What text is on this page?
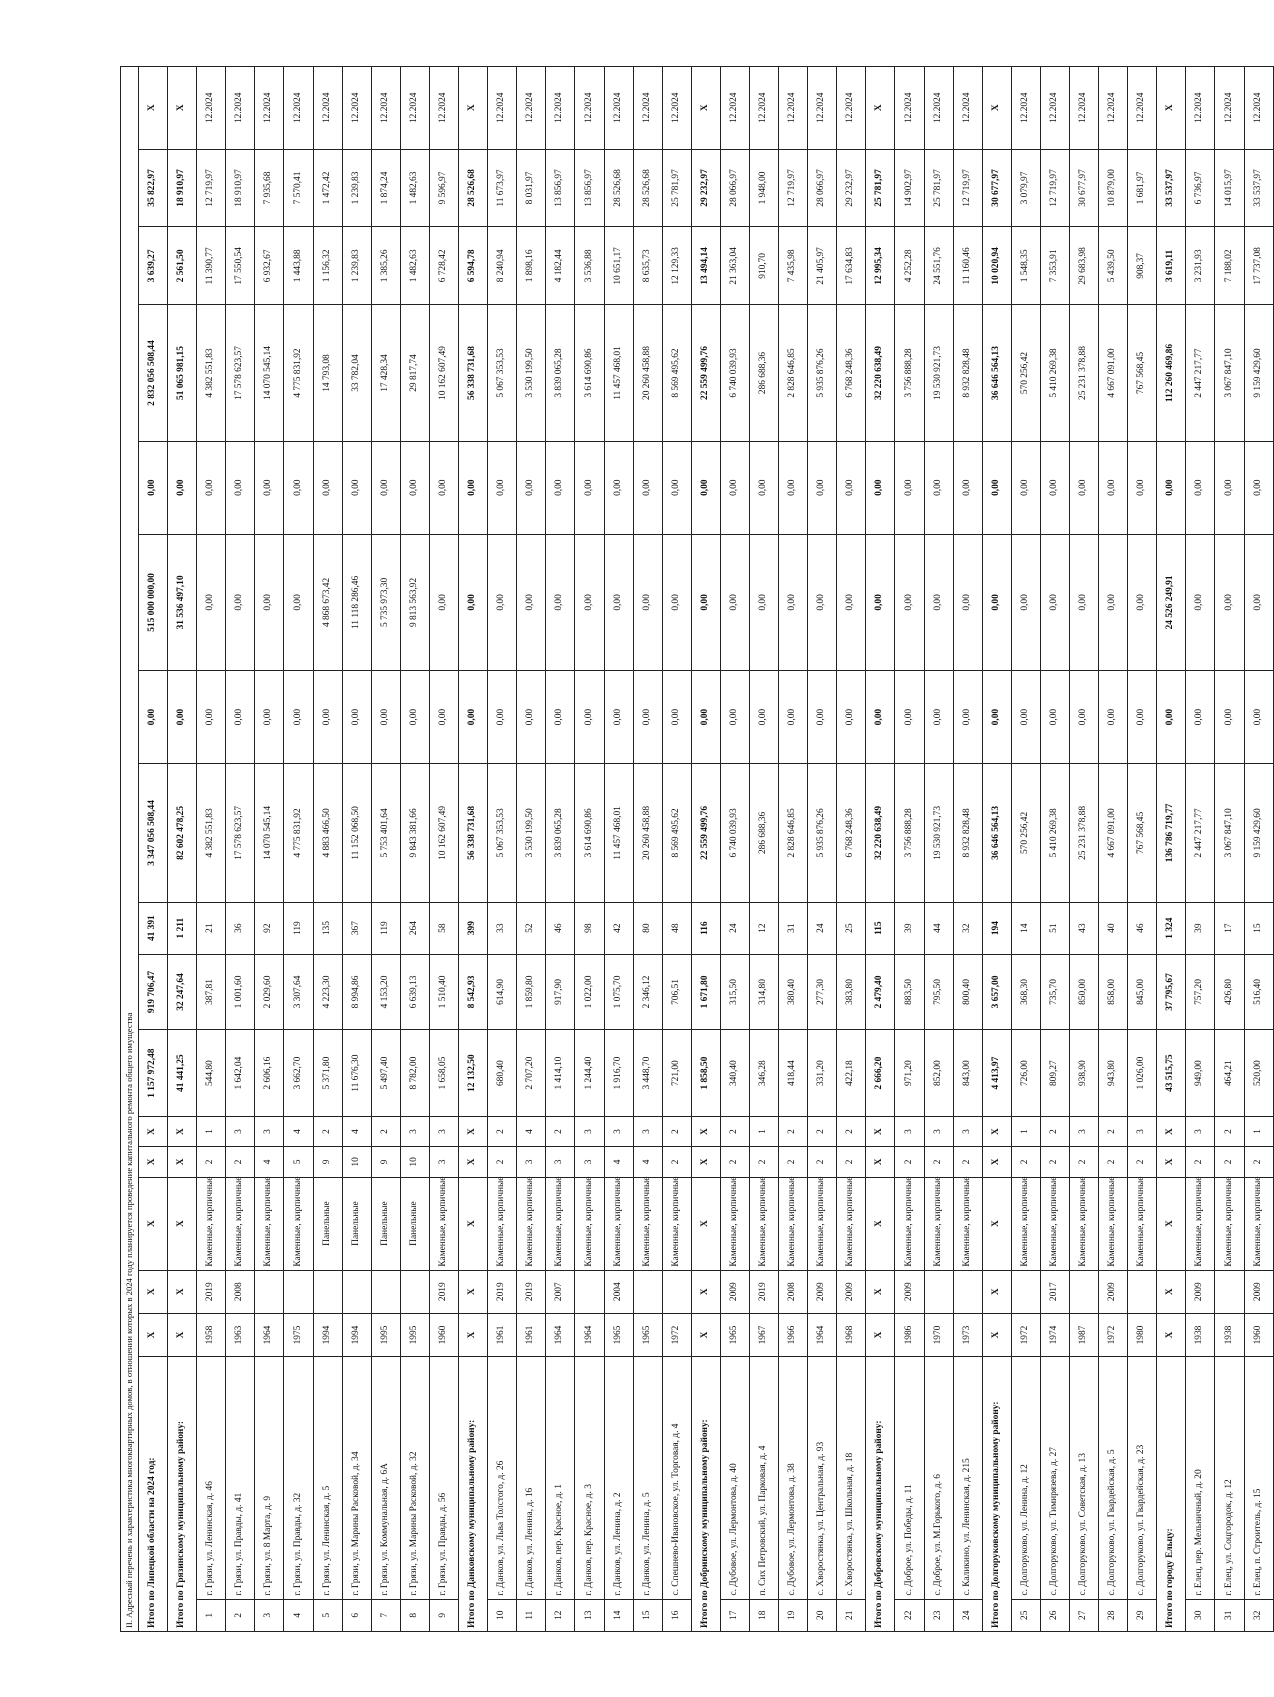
II. Адресный перечень и характеристика многоквартирных домов, в отношении которых в 2024 году планируется проведение капитального ремонта общего имущества																	
Итого по Липецкой области на 2024 год:		X	X	X	X	X	1 157 972,48	919 706,47	41 391	3 347 056 508,44	0,00	515 000 000,00	0,00	2 832 056 508,44	3 639,27	35 822,97	X
Итого по Грязинскому муниципальному району:		X	X	X	X	X	41 441,25	32 247,64	1 211	82 602 478,25	0,00	31 536 497,10	0,00	51 065 981,15	2 561,50	18 910,97	X
1	г. Грязи, ул. Ленинская, д. 46	1958	2019	Каменные, кирпичные	2	1	544,80	387,81	21	4 382 551,83	0,00	0,00	0,00	4 382 551,83	11 390,77	12 719,97	12.2024
2	г. Грязи, ул. Правды, д. 41	1963	2008	Каменные, кирпичные	2	3	1 642,04	1 001,60	36	17 578 623,57	0,00	0,00	0,00	17 578 623,57	17 550,54	18 910,97	12.2024
3	г. Грязи, ул. 8 Марта, д. 9	1964		Каменные, кирпичные	4	3	2 606,16	2 029,60	92	14 070 545,14	0,00	0,00	0,00	14 070 545,14	6 932,67	7 935,68	12.2024
4	г. Грязи, ул. Правды, д. 32	1975		Каменные, кирпичные	5	4	3 662,70	3 307,64	119	4 775 831,92	0,00	0,00	0,00	4 775 831,92	1 443,88	7 570,41	12.2024
5	г. Грязи, ул. Ленинская, д. 5	1994		Панельные	9	2	5 371,80	4 223,30	135	4 883 466,50	0,00	4 868 673,42	0,00	14 793,08	1 156,32	1 472,42	12.2024
6	г. Грязи, ул. Марины Расковой, д. 34	1994		Панельные	10	4	11 676,30	8 994,86	367	11 152 068,50	0,00	11 118 286,46	0,00	33 782,04	1 239,83	1 239,83	12.2024
7	г. Грязи, ул. Коммунальная, д. 6А	1995		Панельные	9	2	5 497,40	4 153,20	119	5 753 401,64	0,00	5 735 973,30	0,00	17 428,34	1 385,26	1 874,24	12.2024
8	г. Грязи, ул. Марины Расковой, д. 32	1995		Панельные	10	3	8 782,00	6 639,13	264	9 843 381,66	0,00	9 813 563,92	0,00	29 817,74	1 482,63	1 482,63	12.2024
9	г. Грязи, ул. Правды, д. 56	1960	2019	Каменные, кирпичные	3	3	1 658,05	1 510,40	58	10 162 607,49	0,00	0,00	0,00	10 162 607,49	6 728,42	9 596,97	12.2024
Итого по Данковскому муниципальному району:		X	X	X	X	X	12 132,50	8 542,93	399	56 338 731,68	0,00	0,00	0,00	56 338 731,68	6 594,78	28 526,68	X
10	г. Данков, ул. Льва Толстого, д. 26	1961	2019	Каменные, кирпичные	2	2	680,40	614,90	33	5 067 353,53	0,00	0,00	0,00	5 067 353,53	8 240,94	11 673,97	12.2024
11	г. Данков, ул. Ленина, д. 16	1961	2019	Каменные, кирпичные	3	4	2 707,20	1 859,80	52	3 530 199,50	0,00	0,00	0,00	3 530 199,50	1 898,16	8 031,97	12.2024
12	г. Данков, пер. Красноe, д. 1	1964	2007	Каменные, кирпичные	3	2	1 414,10	917,90	46	3 839 065,28	0,00	0,00	0,00	3 839 065,28	4 182,44	13 856,97	12.2024
13	г. Данков, пер. Красноe, д. 3	1964		Каменные, кирпичные	3	3	1 244,40	1 022,00	98	3 614 690,86	0,00	0,00	0,00	3 614 690,86	3 536,88	13 856,97	12.2024
14	г. Данков, ул. Ленина, д. 2	1965	2004	Каменные, кирпичные	4	3	1 916,70	1 075,70	42	11 457 468,01	0,00	0,00	0,00	11 457 468,01	10 651,17	28 526,68	12.2024
15	г. Данков, ул. Ленина, д. 5	1965		Каменные, кирпичные	4	3	3 448,70	2 346,12	80	20 260 458,88	0,00	0,00	0,00	20 260 458,88	8 635,73	28 526,68	12.2024
16	с. Спешнево-Ивановское, ул. Торговая, д. 4	1972		Каменные, кирпичные	2	2	721,00	706,51	48	8 569 495,62	0,00	0,00	0,00	8 569 495,62	12 129,33	25 781,97	12.2024
Итого по Добринскому муниципальному району:		X	X	X	X	X	1 858,50	1 671,80	116	22 559 499,76	0,00	0,00	0,00	22 559 499,76	13 494,14	29 232,97	X
17	с. Дубовое, ул. Лермонтова, д. 40	1965	2009	Каменные, кирпичные	2	2	340,40	315,50	24	6 740 039,93	0,00	0,00	0,00	6 740 039,93	21 363,04	28 066,97	12.2024
18	п. Сих Петровский, ул. Парковая, д. 4	1967	2019	Каменные, кирпичные	2	1	346,28	314,80	12	286 688,36	0,00	0,00	0,00	286 688,36	910,70	1 948,00	12.2024
19	с. Дубовое, ул. Лермонтова, д. 38	1966	2008	Каменные, кирпичные	2	2	418,44	380,40	31	2 828 646,85	0,00	0,00	0,00	2 828 646,85	7 435,98	12 719,97	12.2024
20	с. Хворостянка, ул. Центральная, д. 93	1964	2009	Каменные, кирпичные	2	2	331,20	277,30	24	5 935 876,26	0,00	0,00	0,00	5 935 876,26	21 405,97	28 066,97	12.2024
21	с. Хворостянка, ул. Школьная, д. 18	1968	2009	Каменные, кирпичные	2	2	422,18	383,80	25	6 768 248,36	0,00	0,00	0,00	6 768 248,36	17 634,83	29 232,97	12.2024
Итого по Добровскому муниципальному району:		X	X	X	X	X	2 666,20	2 479,40	115	32 220 638,49	0,00	0,00	0,00	32 220 638,49	12 995,34	25 781,97	X
22	с. Доброе, ул. Победы, д. 11	1986	2009	Каменные, кирпичные	2	3	971,20	883,50	39	3 756 888,28	0,00	0,00	0,00	3 756 888,28	4 252,28	14 902,97	12.2024
23	с. Доброе, ул. М.Горького, д. 6	1970		Каменные, кирпичные	2	3	852,00	795,50	44	19 530 921,73	0,00	0,00	0,00	19 530 921,73	24 551,76	25 781,97	12.2024
24	с. Каликино, ул. Ленинская, д. 215	1973		Каменные, кирпичные	2	3	843,00	800,40	32	8 932 828,48	0,00	0,00	0,00	8 932 828,48	11 160,46	12 719,97	12.2024
Итого по Долгоруковскому муниципальному району:		X	X	X	X	X	4 413,97	3 657,00	194	36 646 564,13	0,00	0,00	0,00	36 646 564,13	10 020,94	30 677,97	X
25	с. Долгоруково, ул. Ленина, д. 12	1972		Каменные, кирпичные	2	1	726,00	368,30	14	570 256,42	0,00	0,00	0,00	570 256,42	1 548,35	3 079,97	12.2024
26	с. Долгоруково, ул. Тимирязева, д. 27	1974	2017	Каменные, кирпичные	2	2	809,27	735,70	51	5 410 269,38	0,00	0,00	0,00	5 410 269,38	7 353,91	12 719,97	12.2024
27	с. Долгоруково, ул. Советская, д. 13	1987		Каменные, кирпичные	2	3	938,90	850,00	43	25 231 378,88	0,00	0,00	0,00	25 231 378,88	29 683,98	30 677,97	12.2024
28	с. Долгоруково, ул. Гвардейская, д. 5	1972	2009	Каменные, кирпичные	2	2	943,80	858,00	40	4 667 091,00	0,00	0,00	0,00	4 667 091,00	5 439,50	10 879,00	12.2024
29	с. Долгоруково, ул. Гвардейская, д. 23	1980		Каменные, кирпичные	2	3	1 026,00	845,00	46	767 568,45	0,00	0,00	0,00	767 568,45	908,37	1 681,97	12.2024
Итого по городу Ельцу:		X	X	X	X	X	43 515,75	37 795,67	1 324	136 786 719,77	0,00	24 526 249,91	0,00	112 260 469,86	3 619,11	33 537,97	X
30	г. Елец, пер. Мельничный, д. 20	1938	2009	Каменные, кирпичные	2	3	949,00	757,20	39	2 447 217,77	0,00	0,00	0,00	2 447 217,77	3 231,93	6 736,97	12.2024
31	г. Елец, ул. Соцгородок, д. 12	1938		Каменные, кирпичные	2	2	464,21	426,80	17	3 067 847,10	0,00	0,00	0,00	3 067 847,10	7 188,02	14 015,97	12.2024
32	г. Елец, п. Строитель, д. 15	1960	2009	Каменные, кирпичные	2	1	520,00	516,40	15	9 159 429,60	0,00	0,00	0,00	9 159 429,60	17 737,08	33 537,97	12.2024
